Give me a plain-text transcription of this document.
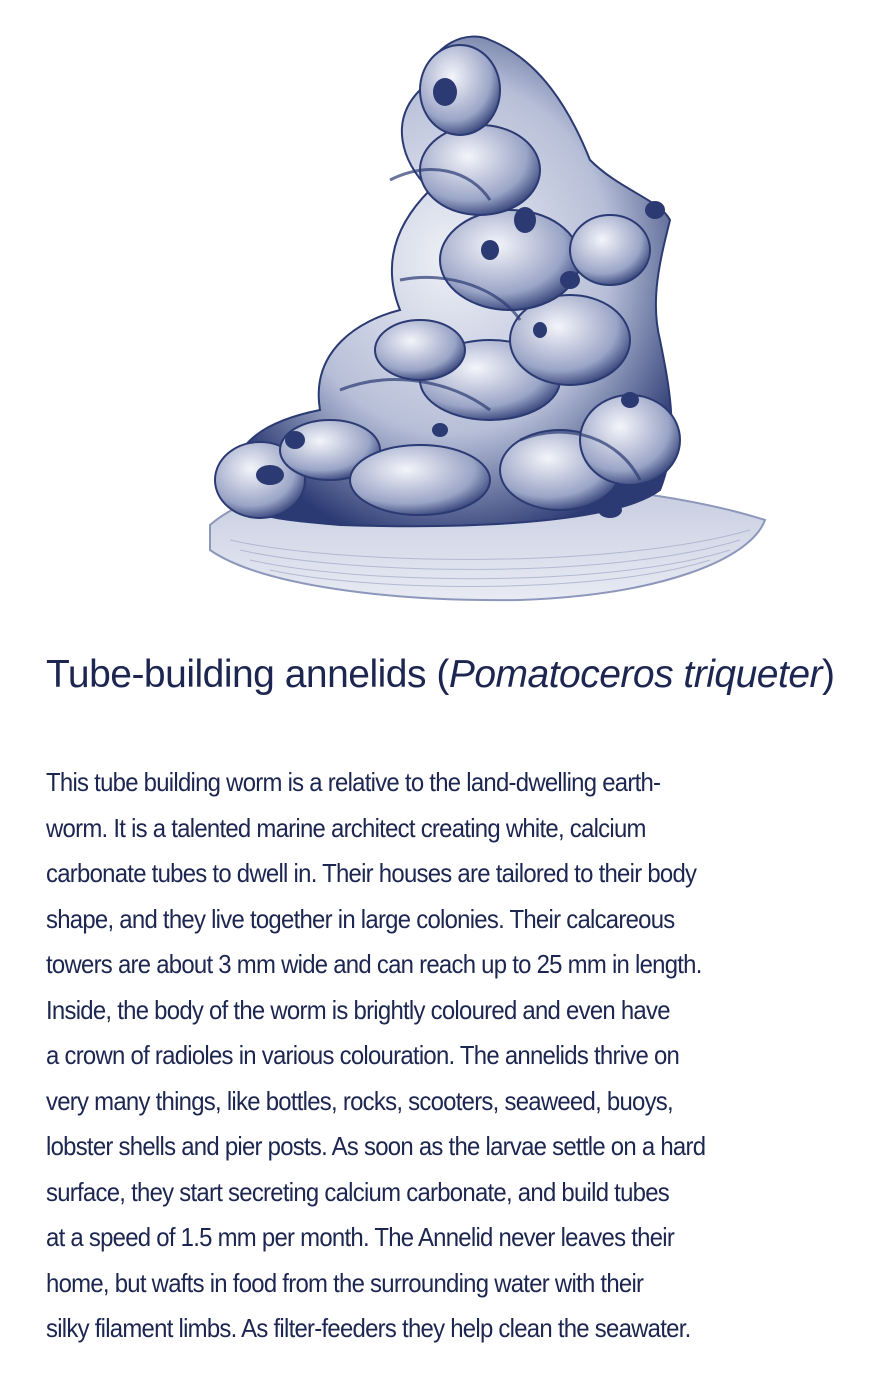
Tube-building annelids (Pomatoceros triqueter)
This tube building worm is a relative to the land-dwelling earth-
worm. It is a talented marine architect creating white, calcium
carbonate tubes to dwell in. Their houses are tailored to their body
shape, and they live together in large colonies. Their calcareous
towers are about 3 mm wide and can reach up to 25 mm in length.
Inside, the body of the worm is brightly coloured and even have
a crown of radioles in various colouration. The annelids thrive on
very many things, like bottles, rocks, scooters, seaweed, buoys,
lobster shells and pier posts. As soon as the larvae settle on a hard
surface, they start secreting calcium carbonate, and build tubes
at a speed of 1.5 mm per month. The Annelid never leaves their
home, but wafts in food from the surrounding water with their
silky filament limbs. As filter-feeders they help clean the seawater.
